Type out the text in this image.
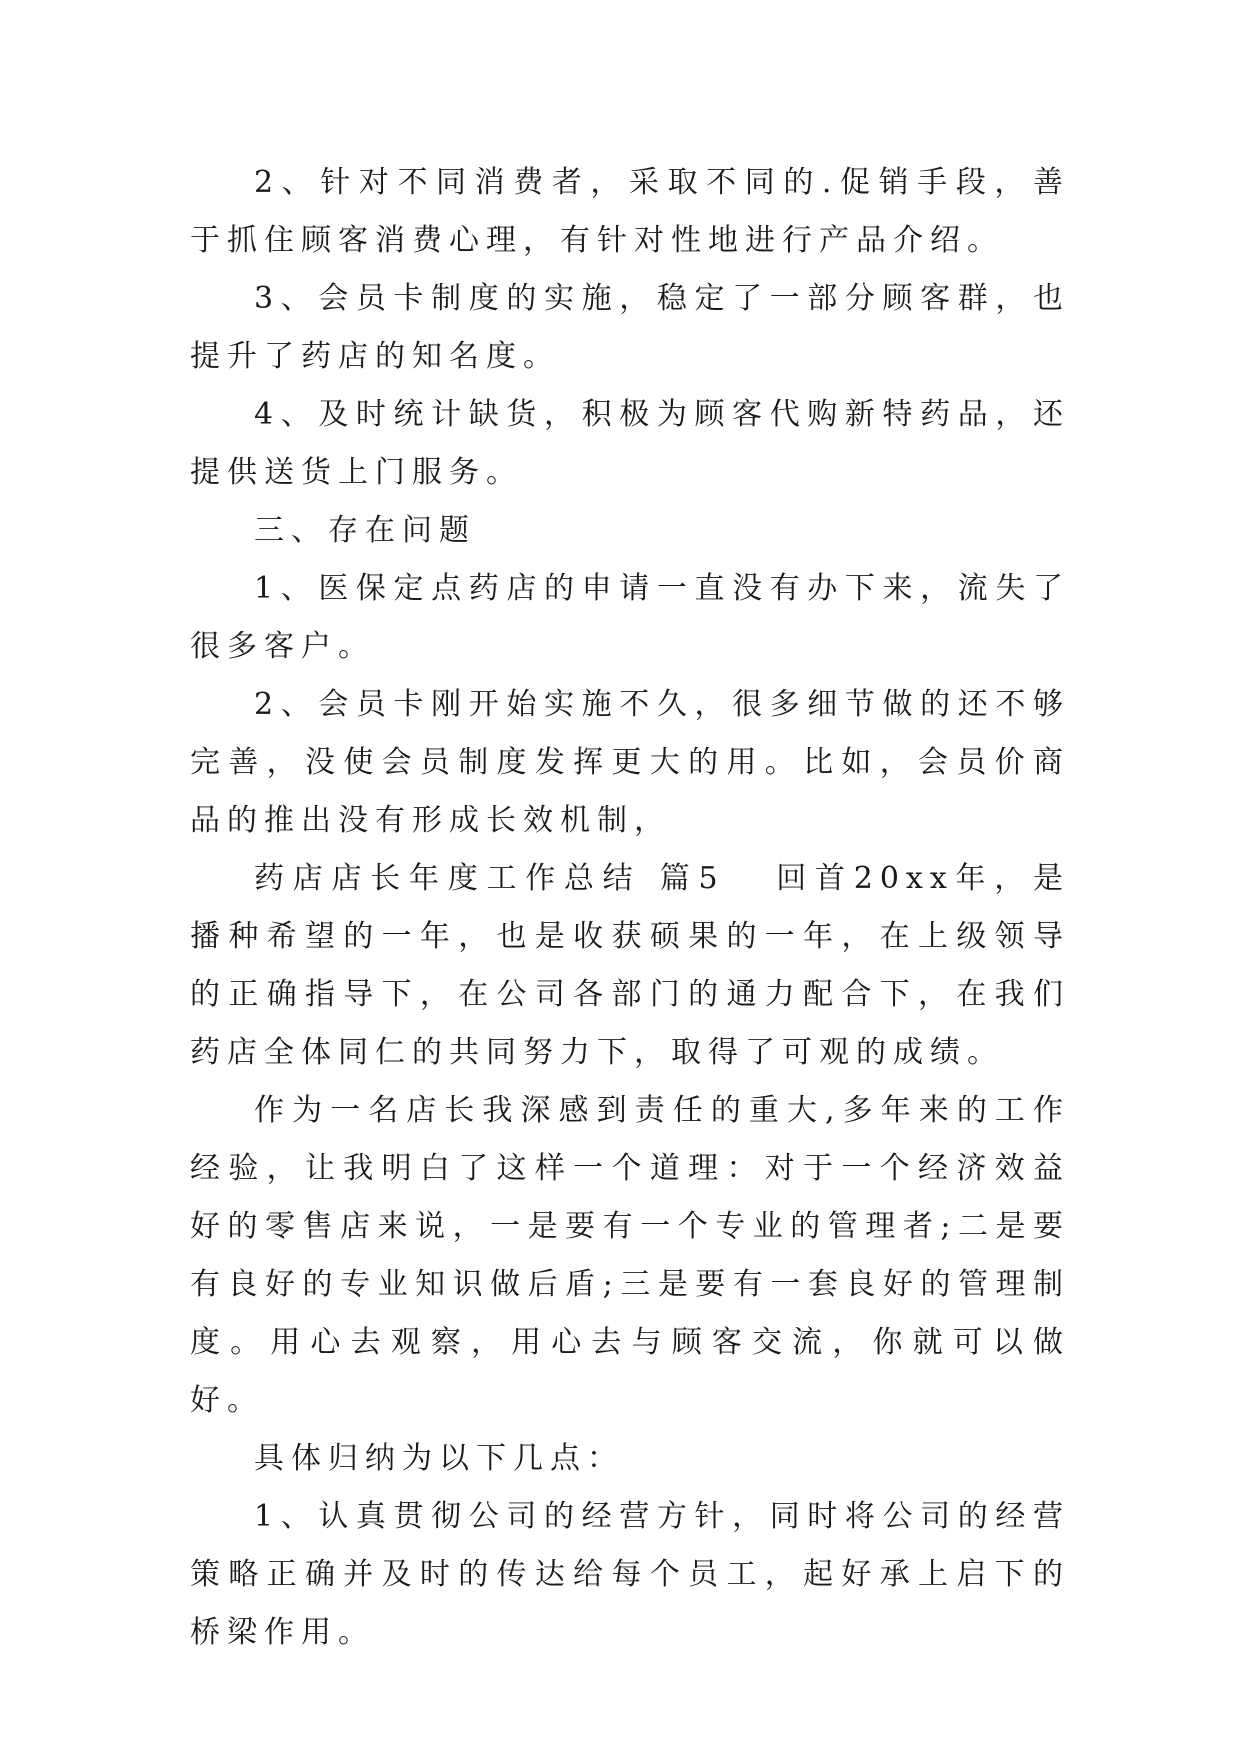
2、针对不同消费者，采取不同的.促销手段，善于抓住顾客消费心理，有针对性地进行产品介绍。

3、会员卡制度的实施，稳定了一部分顾客群，也提升了药店的知名度。

4、及时统计缺货，积极为顾客代购新特药品，还提供送货上门服务。

三、存在问题

1、医保定点药店的申请一直没有办下来，流失了很多客户。

2、会员卡刚开始实施不久，很多细节做的还不够完善，没使会员制度发挥更大的用。比如，会员价商品的推出没有形成长效机制，

药店店长年度工作总结 篇5 回首20xx年，是播种希望的一年，也是收获硕果的一年，在上级领导的正确指导下，在公司各部门的通力配合下，在我们药店全体同仁的共同努力下，取得了可观的成绩。

作为一名店长我深感到责任的重大,多年来的工作经验，让我明白了这样一个道理：对于一个经济效益好的零售店来说，一是要有一个专业的管理者;二是要有良好的专业知识做后盾;三是要有一套良好的管理制度。用心去观察，用心去与顾客交流，你就可以做好。

具体归纳为以下几点：

1、认真贯彻公司的经营方针，同时将公司的经营策略正确并及时的传达给每个员工，起好承上启下的桥梁作用。
